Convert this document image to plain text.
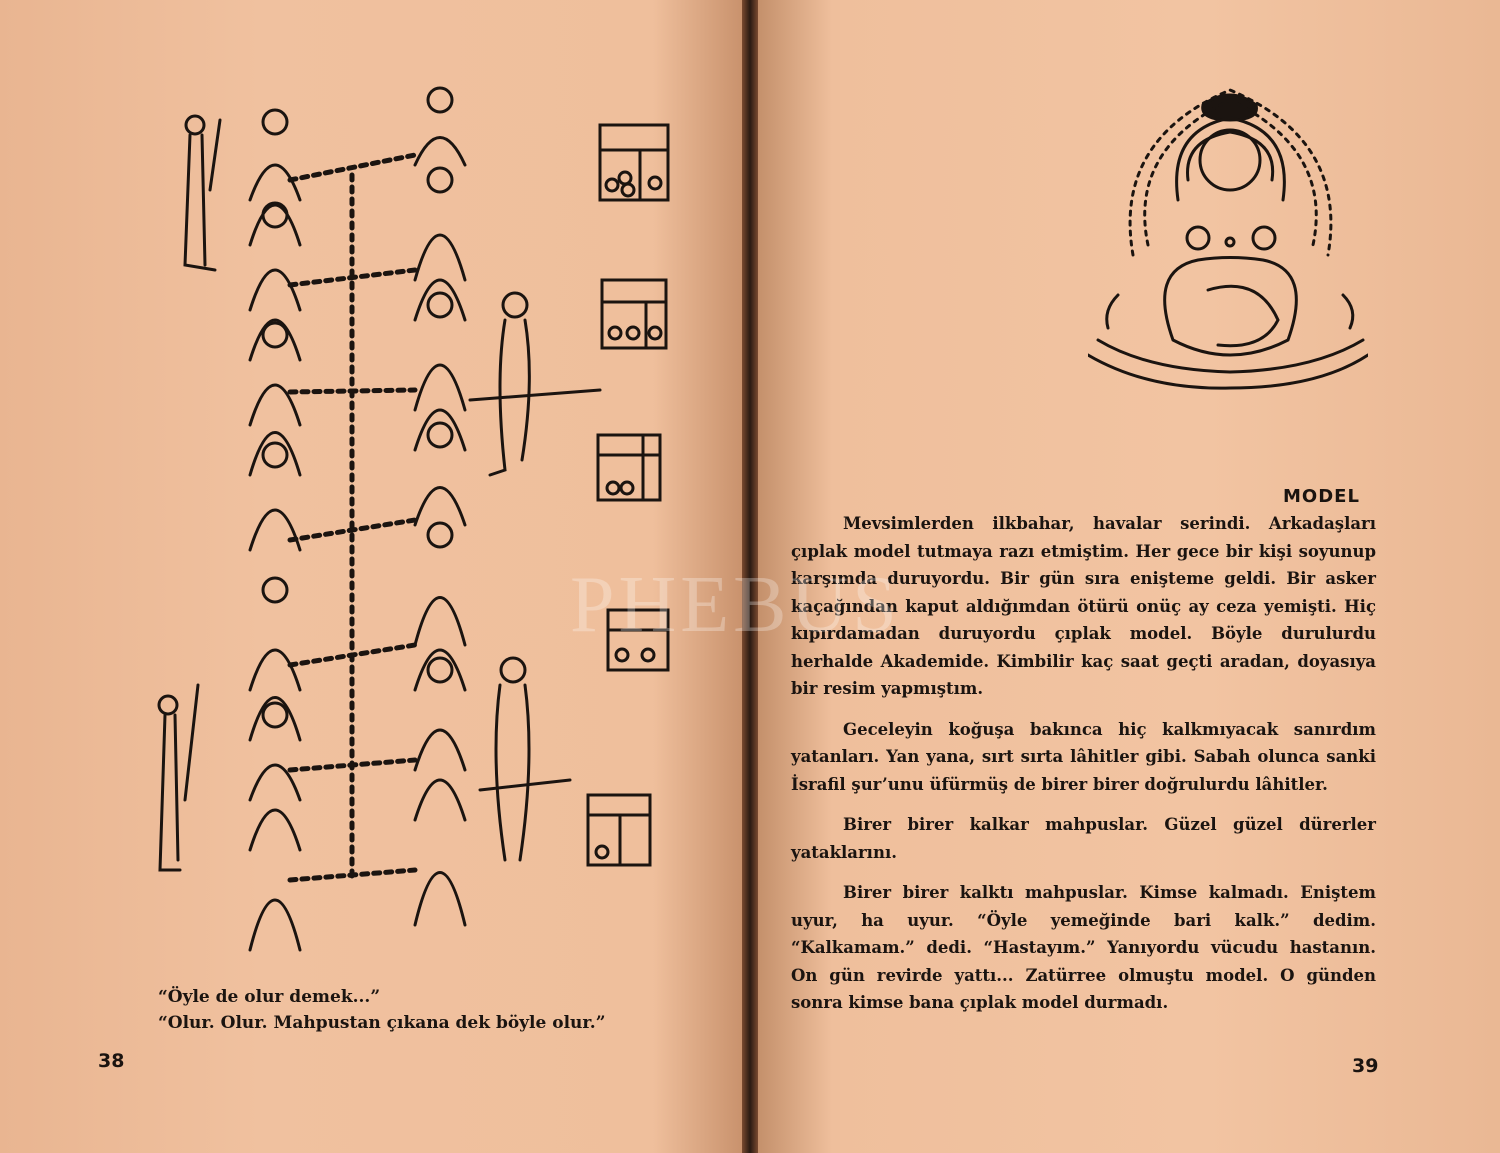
“Öyle de olur demek...”
“Olur. Olur. Mahpustan çıkana dek böyle olur.”
38
MODEL

Mevsimlerden ilkbahar, havalar serindi. Arkadaşları çıplak model tutmaya razı etmiştim. Her gece bir kişi soyunup karşımda duruyordu. Bir gün sıra enişteme geldi. Bir asker kaçağından kaput aldığımdan ötürü onüç ay ceza yemişti. Hiç kıpırdamadan duruyordu çıplak model. Böyle durulurdu herhalde Akademide. Kimbilir kaç saat geçti aradan, doyasıya bir resim yapmıştım.

Geceleyin koğuşa bakınca hiç kalkmıyacak sanırdım yatanları. Yan yana, sırt sırta lâhitler gibi. Sabah olunca sanki İsrafil şur’unu üfürmüş de birer birer doğrulurdu lâhitler.

Birer birer kalkar mahpuslar. Güzel güzel dürerler yataklarını.

Birer birer kalktı mahpuslar. Kimse kalmadı. Eniştem uyur, ha uyur. “Öyle yemeğinde bari kalk.” dedim. “Kalkamam.” dedi. “Hastayım.” Yanıyordu vücudu hastanın. On gün revirde yattı... Zatürree olmuştu model. O günden sonra kimse bana çıplak model durmadı.

39
PHEBUS
